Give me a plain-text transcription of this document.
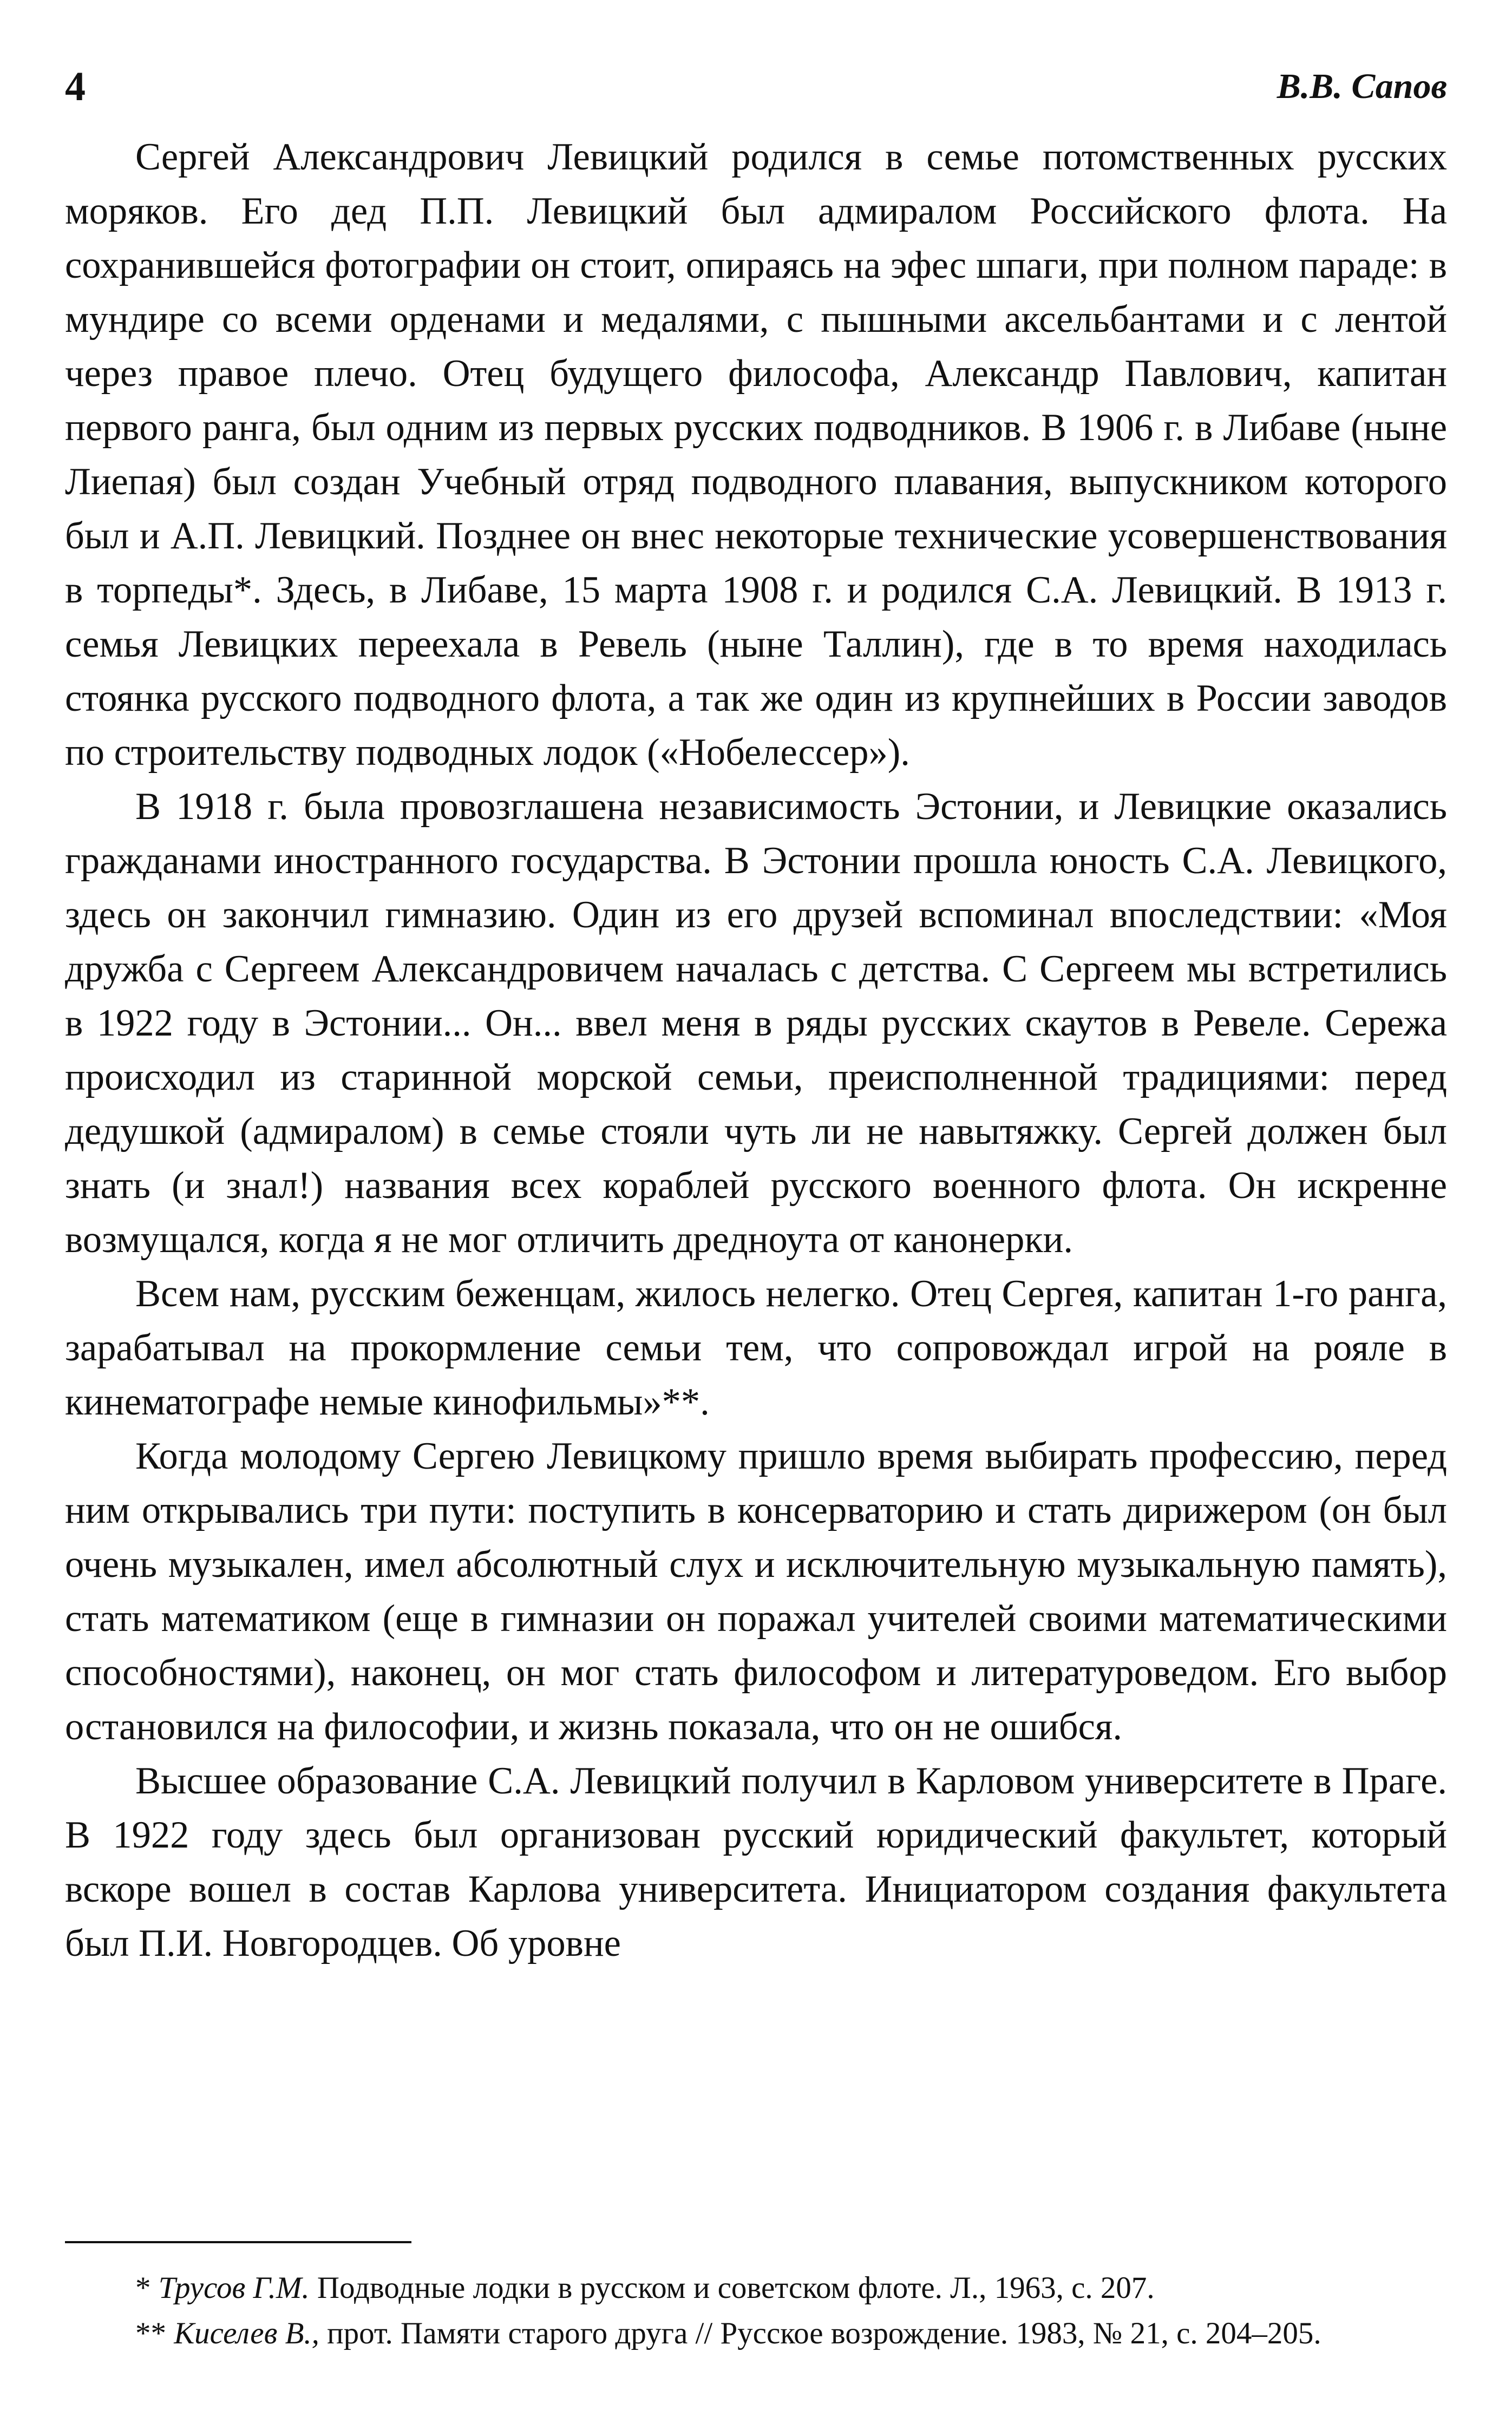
4	В.В. Сапов

Сергей Александрович Левицкий родился в семье потомственных русских моряков. Его дед П.П. Левицкий был адмиралом Российского флота. На сохранившейся фотографии он стоит, опираясь на эфес шпаги, при полном параде: в мундире со всеми орденами и медалями, с пышными аксельбантами и с лентой через правое плечо. Отец будущего философа, Александр Павлович, капитан первого ранга, был одним из первых русских подводников. В 1906 г. в Либаве (ныне Лиепая) был создан Учебный отряд подводного плавания, выпускником которого был и А.П. Левицкий. Позднее он внес некоторые технические усовершенствования в торпеды*. Здесь, в Либаве, 15 марта 1908 г. и родился С.А. Левицкий. В 1913 г. семья Левицких переехала в Ревель (ныне Таллин), где в то время находилась стоянка русского подводного флота, а так же один из крупнейших в России заводов по строительству подводных лодок («Нобелессер»).

В 1918 г. была провозглашена независимость Эстонии, и Левицкие оказались гражданами иностранного государства. В Эстонии прошла юность С.А. Левицкого, здесь он закончил гимназию. Один из его друзей вспоминал впоследствии: «Моя дружба с Сергеем Александровичем началась с детства. С Сергеем мы встретились в 1922 году в Эстонии... Он... ввел меня в ряды русских скаутов в Ревеле. Сережа происходил из старинной морской семьи, преисполненной традициями: перед дедушкой (адмиралом) в семье стояли чуть ли не навытяжку. Сергей должен был знать (и знал!) названия всех кораблей русского военного флота. Он искренне возмущался, когда я не мог отличить дредноута от канонерки.

Всем нам, русским беженцам, жилось нелегко. Отец Сергея, капитан 1-го ранга, зарабатывал на прокормление семьи тем, что сопровождал игрой на рояле в кинематографе немые кинофильмы»**.

Когда молодому Сергею Левицкому пришло время выбирать профессию, перед ним открывались три пути: поступить в консерваторию и стать дирижером (он был очень музыкален, имел абсолютный слух и исключительную музыкальную память), стать математиком (еще в гимназии он поражал учителей своими математическими способностями), наконец, он мог стать философом и литературоведом. Его выбор остановился на философии, и жизнь показала, что он не ошибся.

Высшее образование С.А. Левицкий получил в Карловом университете в Праге. В 1922 году здесь был организован русский юридический факультет, который вскоре вошел в состав Карлова университета. Инициатором создания факультета был П.И. Новгородцев. Об уровне

* Трусов Г.М. Подводные лодки в русском и советском флоте. Л., 1963, с. 207.

** Киселев В., прот. Памяти старого друга // Русское возрождение. 1983, № 21, с. 204–205.
